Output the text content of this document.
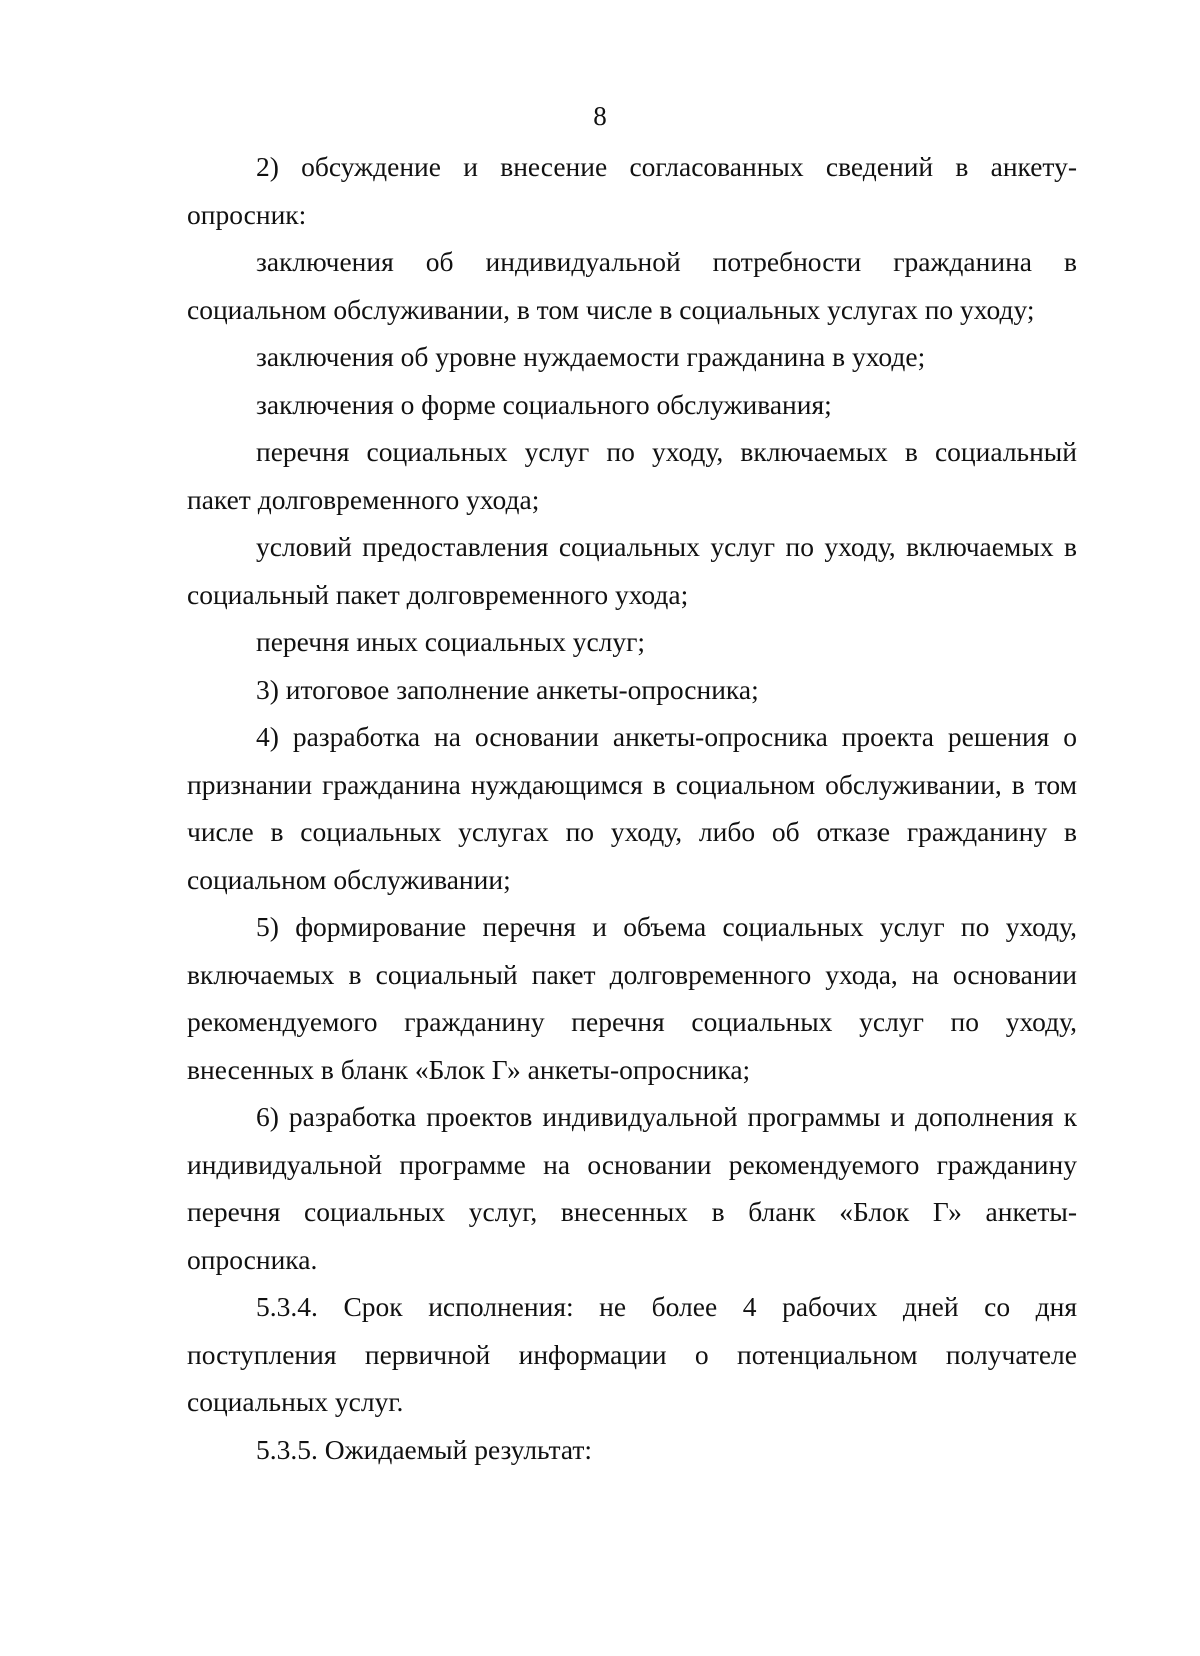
8
2) обсуждение и внесение согласованных сведений в анкету-
опросник:
заключения об индивидуальной потребности гражданина в
социальном обслуживании, в том числе в социальных услугах по уходу;
заключения об уровне нуждаемости гражданина в уходе;
заключения о форме социального обслуживания;
перечня социальных услуг по уходу, включаемых в социальный
пакет долговременного ухода;
условий предоставления социальных услуг по уходу, включаемых в
социальный пакет долговременного ухода;
перечня иных социальных услуг;
3) итоговое заполнение анкеты-опросника;
4) разработка на основании анкеты-опросника проекта решения о
признании гражданина нуждающимся в социальном обслуживании, в том
числе в социальных услугах по уходу, либо об отказе гражданину в
социальном обслуживании;
5) формирование перечня и объема социальных услуг по уходу,
включаемых в социальный пакет долговременного ухода, на основании
рекомендуемого гражданину перечня социальных услуг по уходу,
внесенных в бланк «Блок Г» анкеты-опросника;
6) разработка проектов индивидуальной программы и дополнения к
индивидуальной программе на основании рекомендуемого гражданину
перечня социальных услуг, внесенных в бланк «Блок Г» анкеты-
опросника.
5.3.4. Срок исполнения: не более 4 рабочих дней со дня
поступления первичной информации о потенциальном получателе
социальных услуг.
5.3.5. Ожидаемый результат:
